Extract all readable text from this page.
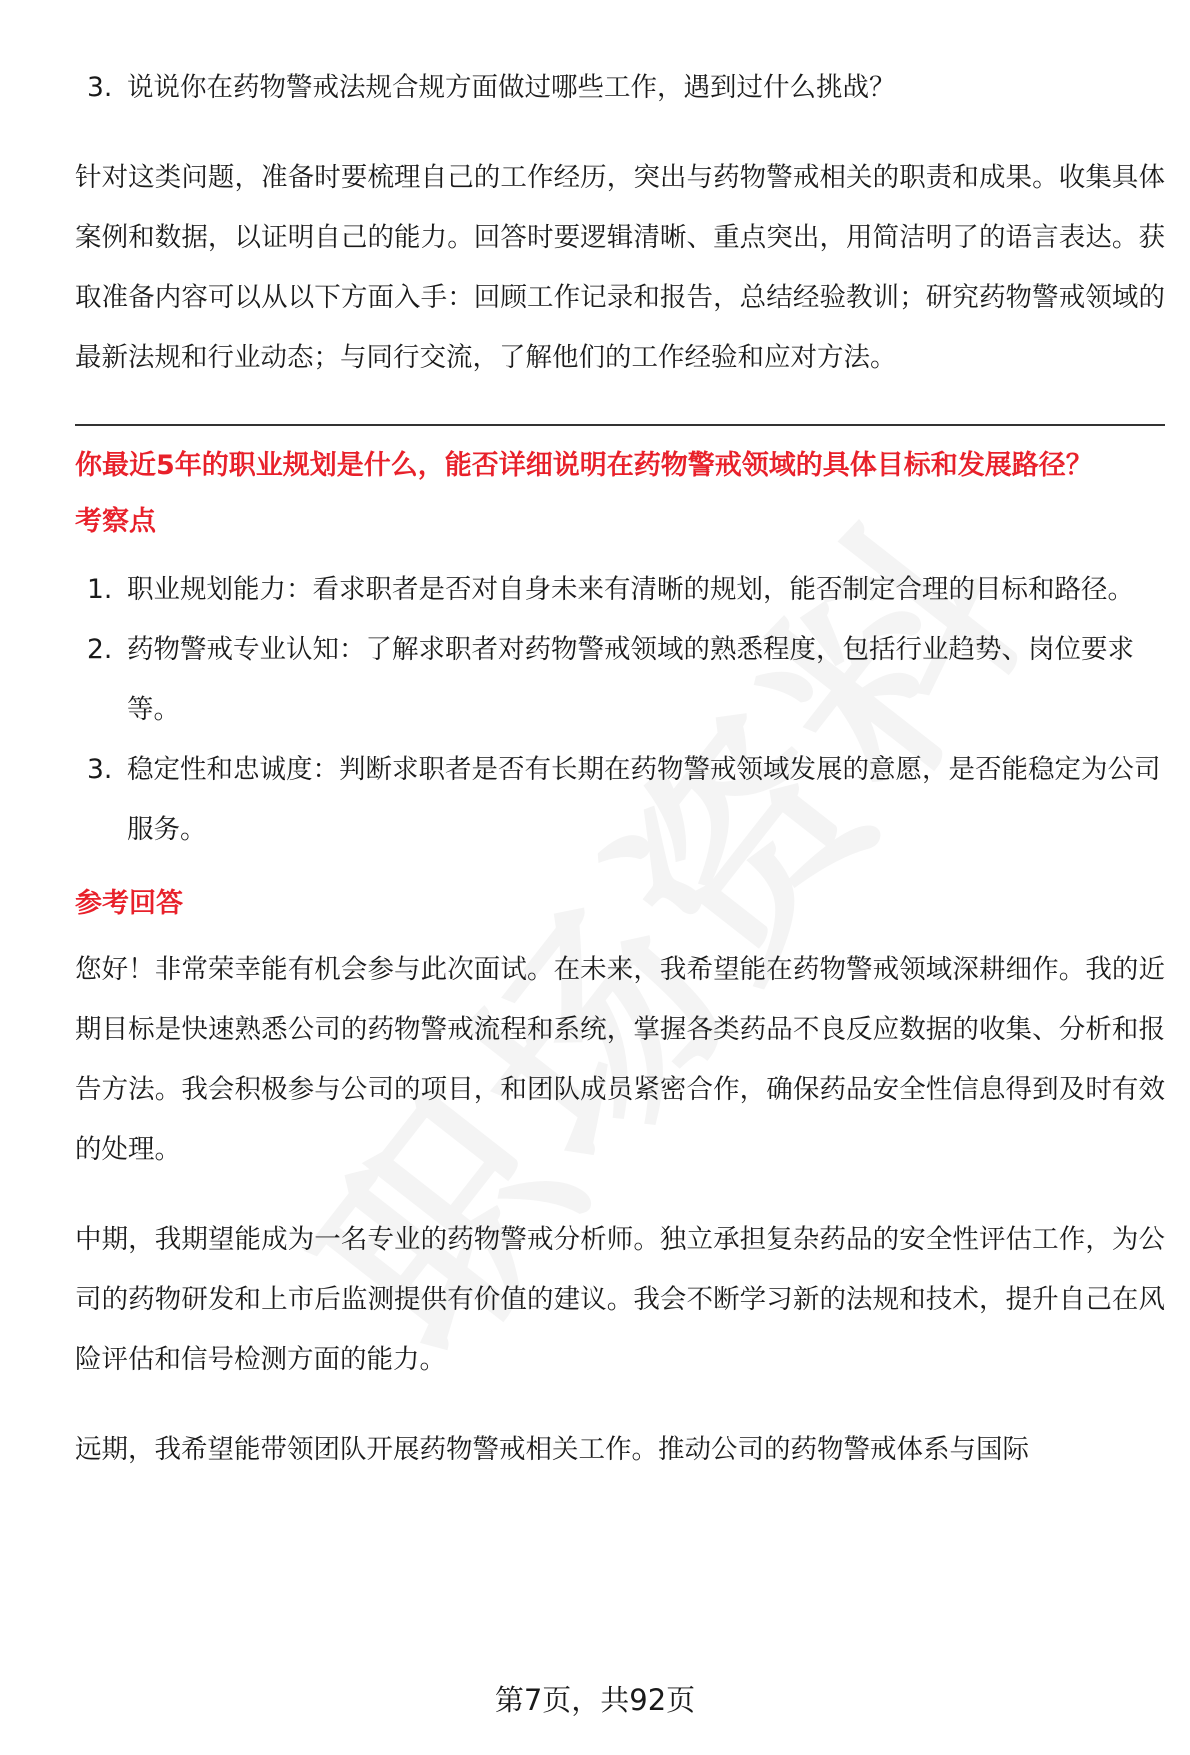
3. 说说你在药物警戒法规合规方面做过哪些工作，遇到过什么挑战？

针对这类问题，准备时要梳理自己的工作经历，突出与药物警戒相关的职责和成果。收集具体案例和数据，以证明自己的能力。回答时要逻辑清晰、重点突出，用简洁明了的语言表达。获取准备内容可以从以下方面入手：回顾工作记录和报告，总结经验教训；研究药物警戒领域的最新法规和行业动态；与同行交流，了解他们的工作经验和应对方法。

你最近5年的职业规划是什么，能否详细说明在药物警戒领域的具体目标和发展路径？

考察点
1. 职业规划能力：看求职者是否对自身未来有清晰的规划，能否制定合理的目标和路径。
2. 药物警戒专业认知：了解求职者对药物警戒领域的熟悉程度，包括行业趋势、岗位要求等。
3. 稳定性和忠诚度：判断求职者是否有长期在药物警戒领域发展的意愿，是否能稳定为公司服务。
参考回答

您好！非常荣幸能有机会参与此次面试。在未来，我希望能在药物警戒领域深耕细作。我的近期目标是快速熟悉公司的药物警戒流程和系统，掌握各类药品不良反应数据的收集、分析和报告方法。我会积极参与公司的项目，和团队成员紧密合作，确保药品安全性信息得到及时有效的处理。

中期，我期望能成为一名专业的药物警戒分析师。独立承担复杂药品的安全性评估工作，为公司的药物研发和上市后监测提供有价值的建议。我会不断学习新的法规和技术，提升自己在风险评估和信号检测方面的能力。

远期，我希望能带领团队开展药物警戒相关工作。推动公司的药物警戒体系与国际

第7页，共92页
